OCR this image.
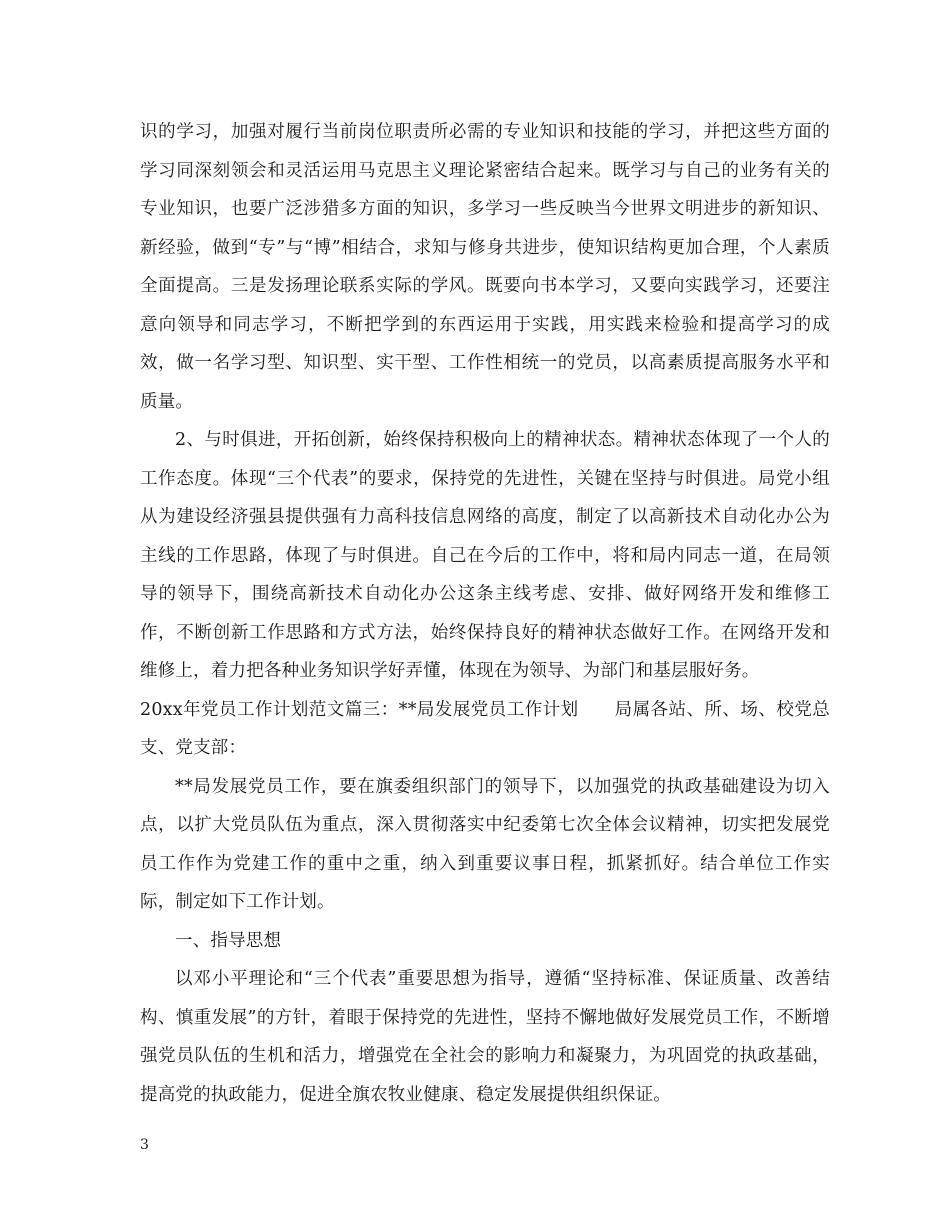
识的学习，加强对履行当前岗位职责所必需的专业知识和技能的学习，并把这些方面的学习同深刻领会和灵活运用马克思主义理论紧密结合起来。既学习与自己的业务有关的专业知识，也要广泛涉猎多方面的知识，多学习一些反映当今世界文明进步的新知识、新经验，做到“专”与“博”相结合，求知与修身共进步，使知识结构更加合理，个人素质全面提高。三是发扬理论联系实际的学风。既要向书本学习，又要向实践学习，还要注意向领导和同志学习，不断把学到的东西运用于实践，用实践来检验和提高学习的成效，做一名学习型、知识型、实干型、工作性相统一的党员，以高素质提高服务水平和质量。

2、与时俱进，开拓创新，始终保持积极向上的精神状态。精神状态体现了一个人的工作态度。体现“三个代表”的要求，保持党的先进性，关键在坚持与时俱进。局党小组从为建设经济强县提供强有力高科技信息网络的高度，制定了以高新技术自动化办公为主线的工作思路，体现了与时俱进。自己在今后的工作中，将和局内同志一道，在局领导的领导下，围绕高新技术自动化办公这条主线考虑、安排、做好网络开发和维修工作，不断创新工作思路和方式方法，始终保持良好的精神状态做好工作。在网络开发和维修上，着力把各种业务知识学好弄懂，体现在为领导、为部门和基层服好务。

20xx年党员工作计划范文篇三：**局发展党员工作计划　　局属各站、所、场、校党总支、党支部：

**局发展党员工作，要在旗委组织部门的领导下，以加强党的执政基础建设为切入点，以扩大党员队伍为重点，深入贯彻落实中纪委第七次全体会议精神，切实把发展党员工作作为党建工作的重中之重，纳入到重要议事日程，抓紧抓好。结合单位工作实际，制定如下工作计划。

一、指导思想

以邓小平理论和“三个代表”重要思想为指导，遵循“坚持标准、保证质量、改善结构、慎重发展”的方针，着眼于保持党的先进性，坚持不懈地做好发展党员工作，不断增强党员队伍的生机和活力，增强党在全社会的影响力和凝聚力，为巩固党的执政基础，提高党的执政能力，促进全旗农牧业健康、稳定发展提供组织保证。

3
